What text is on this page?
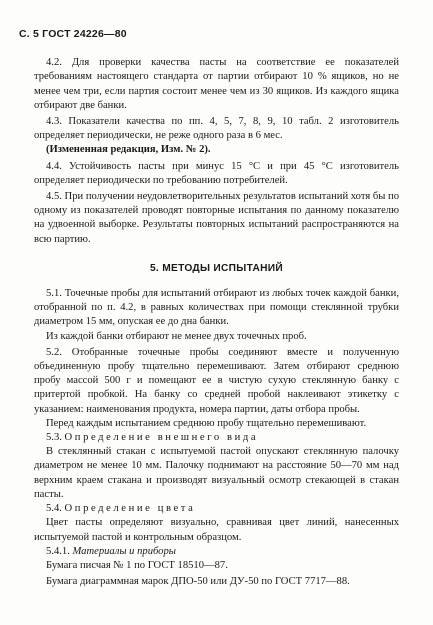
С. 5 ГОСТ 24226—80

4.2. Для проверки качества пасты на соответствие ее показателей требованиям настоящего стандарта от партии отбирают 10 % ящиков, но не менее чем три, если партия состоит менее чем из 30 ящиков. Из каждого ящика отбирают две банки.

4.3. Показатели качества по пп. 4, 5, 7, 8, 9, 10 табл. 2 изготовитель определяет периодически, не реже одного раза в 6 мес.

(Измененная редакция, Изм. № 2).

4.4. Устойчивость пасты при минус 15 °С и при 45 °С изготовитель определяет периодически по требованию потребителей.

4.5. При получении неудовлетворительных результатов испытаний хотя бы по одному из показателей проводят повторные испытания по данному показателю на удвоенной выборке. Результаты повторных испытаний распространяются на всю партию.

5. МЕТОДЫ ИСПЫТАНИЙ

5.1. Точечные пробы для испытаний отбирают из любых точек каждой банки, отобранной по п. 4.2, в равных количествах при помощи стеклянной трубки диаметром 15 мм, опуская ее до дна банки.

Из каждой банки отбирают не менее двух точечных проб.

5.2. Отобранные точечные пробы соединяют вместе и полученную объединенную пробу тщательно перемешивают. Затем отбирают среднюю пробу массой 500 г и помещают ее в чистую сухую стеклянную банку с притертой пробкой. На банку со средней пробой наклеивают этикетку с указанием: наименования продукта, номера партии, даты отбора пробы.

Перед каждым испытанием среднюю пробу тщательно перемешивают.

5.3. Определение внешнего вида

В стеклянный стакан с испытуемой пастой опускают стеклянную палочку диаметром не менее 10 мм. Палочку поднимают на расстояние 50—70 мм над верхним краем стакана и производят визуальный осмотр стекающей в стакан пасты.

5.4. Определение цвета

Цвет пасты определяют визуально, сравнивая цвет линий, нанесенных испытуемой пастой и контрольным образцом.

5.4.1. Материалы и приборы

Бумага писчая № 1 по ГОСТ 18510—87.

Бумага диаграммная марок ДПО-50 или ДУ-50 по ГОСТ 7717—88.
